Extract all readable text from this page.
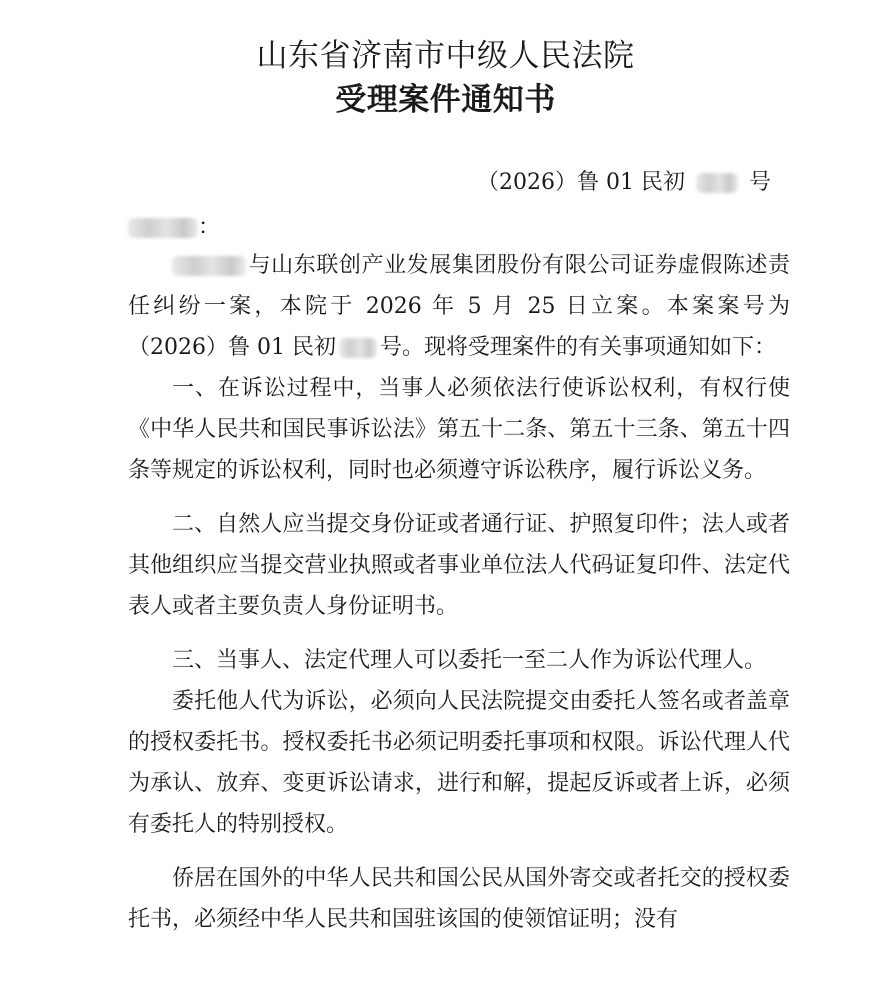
山东省济南市中级人民法院
受理案件通知书
（2026）鲁 01 民初	号
：

与山东联创产业发展集团股份有限公司证券虚假陈述责任纠纷一案，本院于 2026 年 5 月 25 日立案。本案案号为（2026）鲁 01 民初 号。现将受理案件的有关事项通知如下：

一、在诉讼过程中，当事人必须依法行使诉讼权利，有权行使《中华人民共和国民事诉讼法》第五十二条、第五十三条、第五十四条等规定的诉讼权利，同时也必须遵守诉讼秩序，履行诉讼义务。

二、自然人应当提交身份证或者通行证、护照复印件；法人或者其他组织应当提交营业执照或者事业单位法人代码证复印件、法定代表人或者主要负责人身份证明书。

三、当事人、法定代理人可以委托一至二人作为诉讼代理人。

委托他人代为诉讼，必须向人民法院提交由委托人签名或者盖章的授权委托书。授权委托书必须记明委托事项和权限。诉讼代理人代为承认、放弃、变更诉讼请求，进行和解，提起反诉或者上诉，必须有委托人的特别授权。

侨居在国外的中华人民共和国公民从国外寄交或者托交的授权委托书，必须经中华人民共和国驻该国的使领馆证明；没有
